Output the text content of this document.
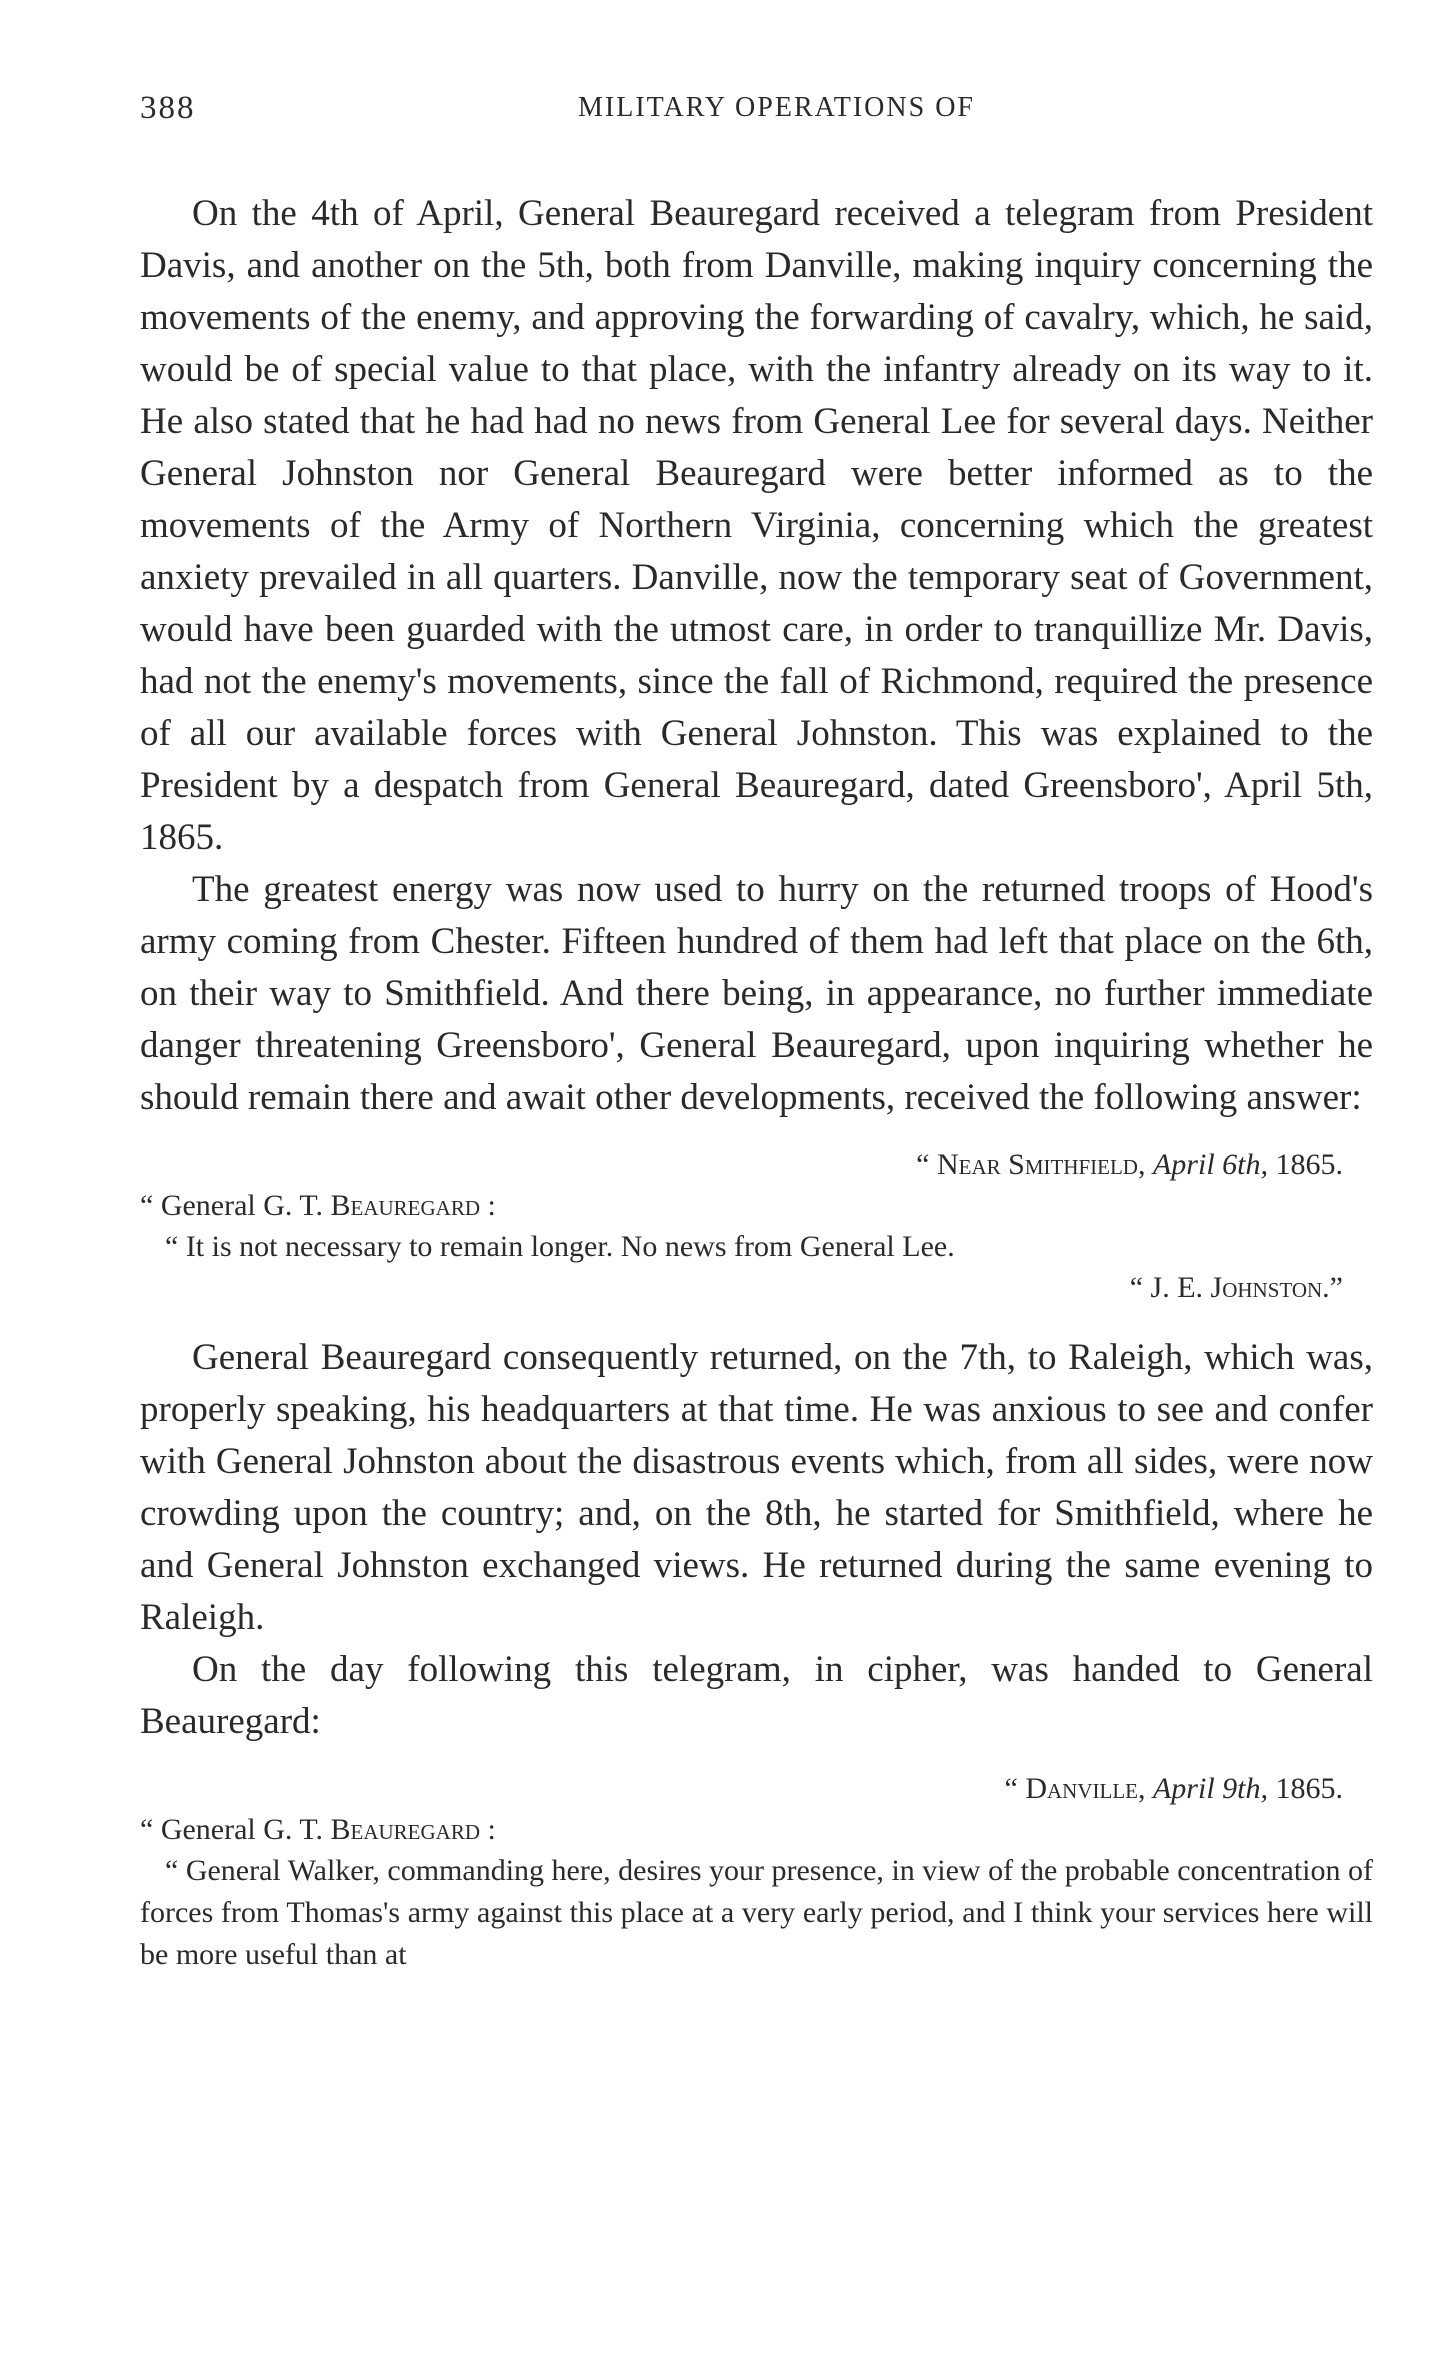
388	MILITARY OPERATIONS OF

On the 4th of April, General Beauregard received a telegram from President Davis, and another on the 5th, both from Danville, making inquiry concerning the movements of the enemy, and approving the forwarding of cavalry, which, he said, would be of special value to that place, with the infantry already on its way to it. He also stated that he had had no news from General Lee for several days. Neither General Johnston nor General Beauregard were better informed as to the movements of the Army of Northern Virginia, concerning which the greatest anxiety prevailed in all quarters. Danville, now the temporary seat of Government, would have been guarded with the utmost care, in order to tranquillize Mr. Davis, had not the enemy's movements, since the fall of Richmond, required the presence of all our available forces with General Johnston. This was explained to the President by a despatch from General Beauregard, dated Greensboro', April 5th, 1865.

The greatest energy was now used to hurry on the returned troops of Hood's army coming from Chester. Fifteen hundred of them had left that place on the 6th, on their way to Smithfield. And there being, in appearance, no further immediate danger threatening Greensboro', General Beauregard, upon inquiring whether he should remain there and await other developments, received the following answer:

“ Near Smithfield, April 6th, 1865.
“ General G. T. Beauregard :
“ It is not necessary to remain longer. No news from General Lee.
“ J. E. Johnston.”

General Beauregard consequently returned, on the 7th, to Raleigh, which was, properly speaking, his headquarters at that time. He was anxious to see and confer with General Johnston about the disastrous events which, from all sides, were now crowding upon the country; and, on the 8th, he started for Smithfield, where he and General Johnston exchanged views. He returned during the same evening to Raleigh.

On the day following this telegram, in cipher, was handed to General Beauregard:

“ Danville, April 9th, 1865.
“ General G. T. Beauregard :
“ General Walker, commanding here, desires your presence, in view of the probable concentration of forces from Thomas's army against this place at a very early period, and I think your services here will be more useful than at
